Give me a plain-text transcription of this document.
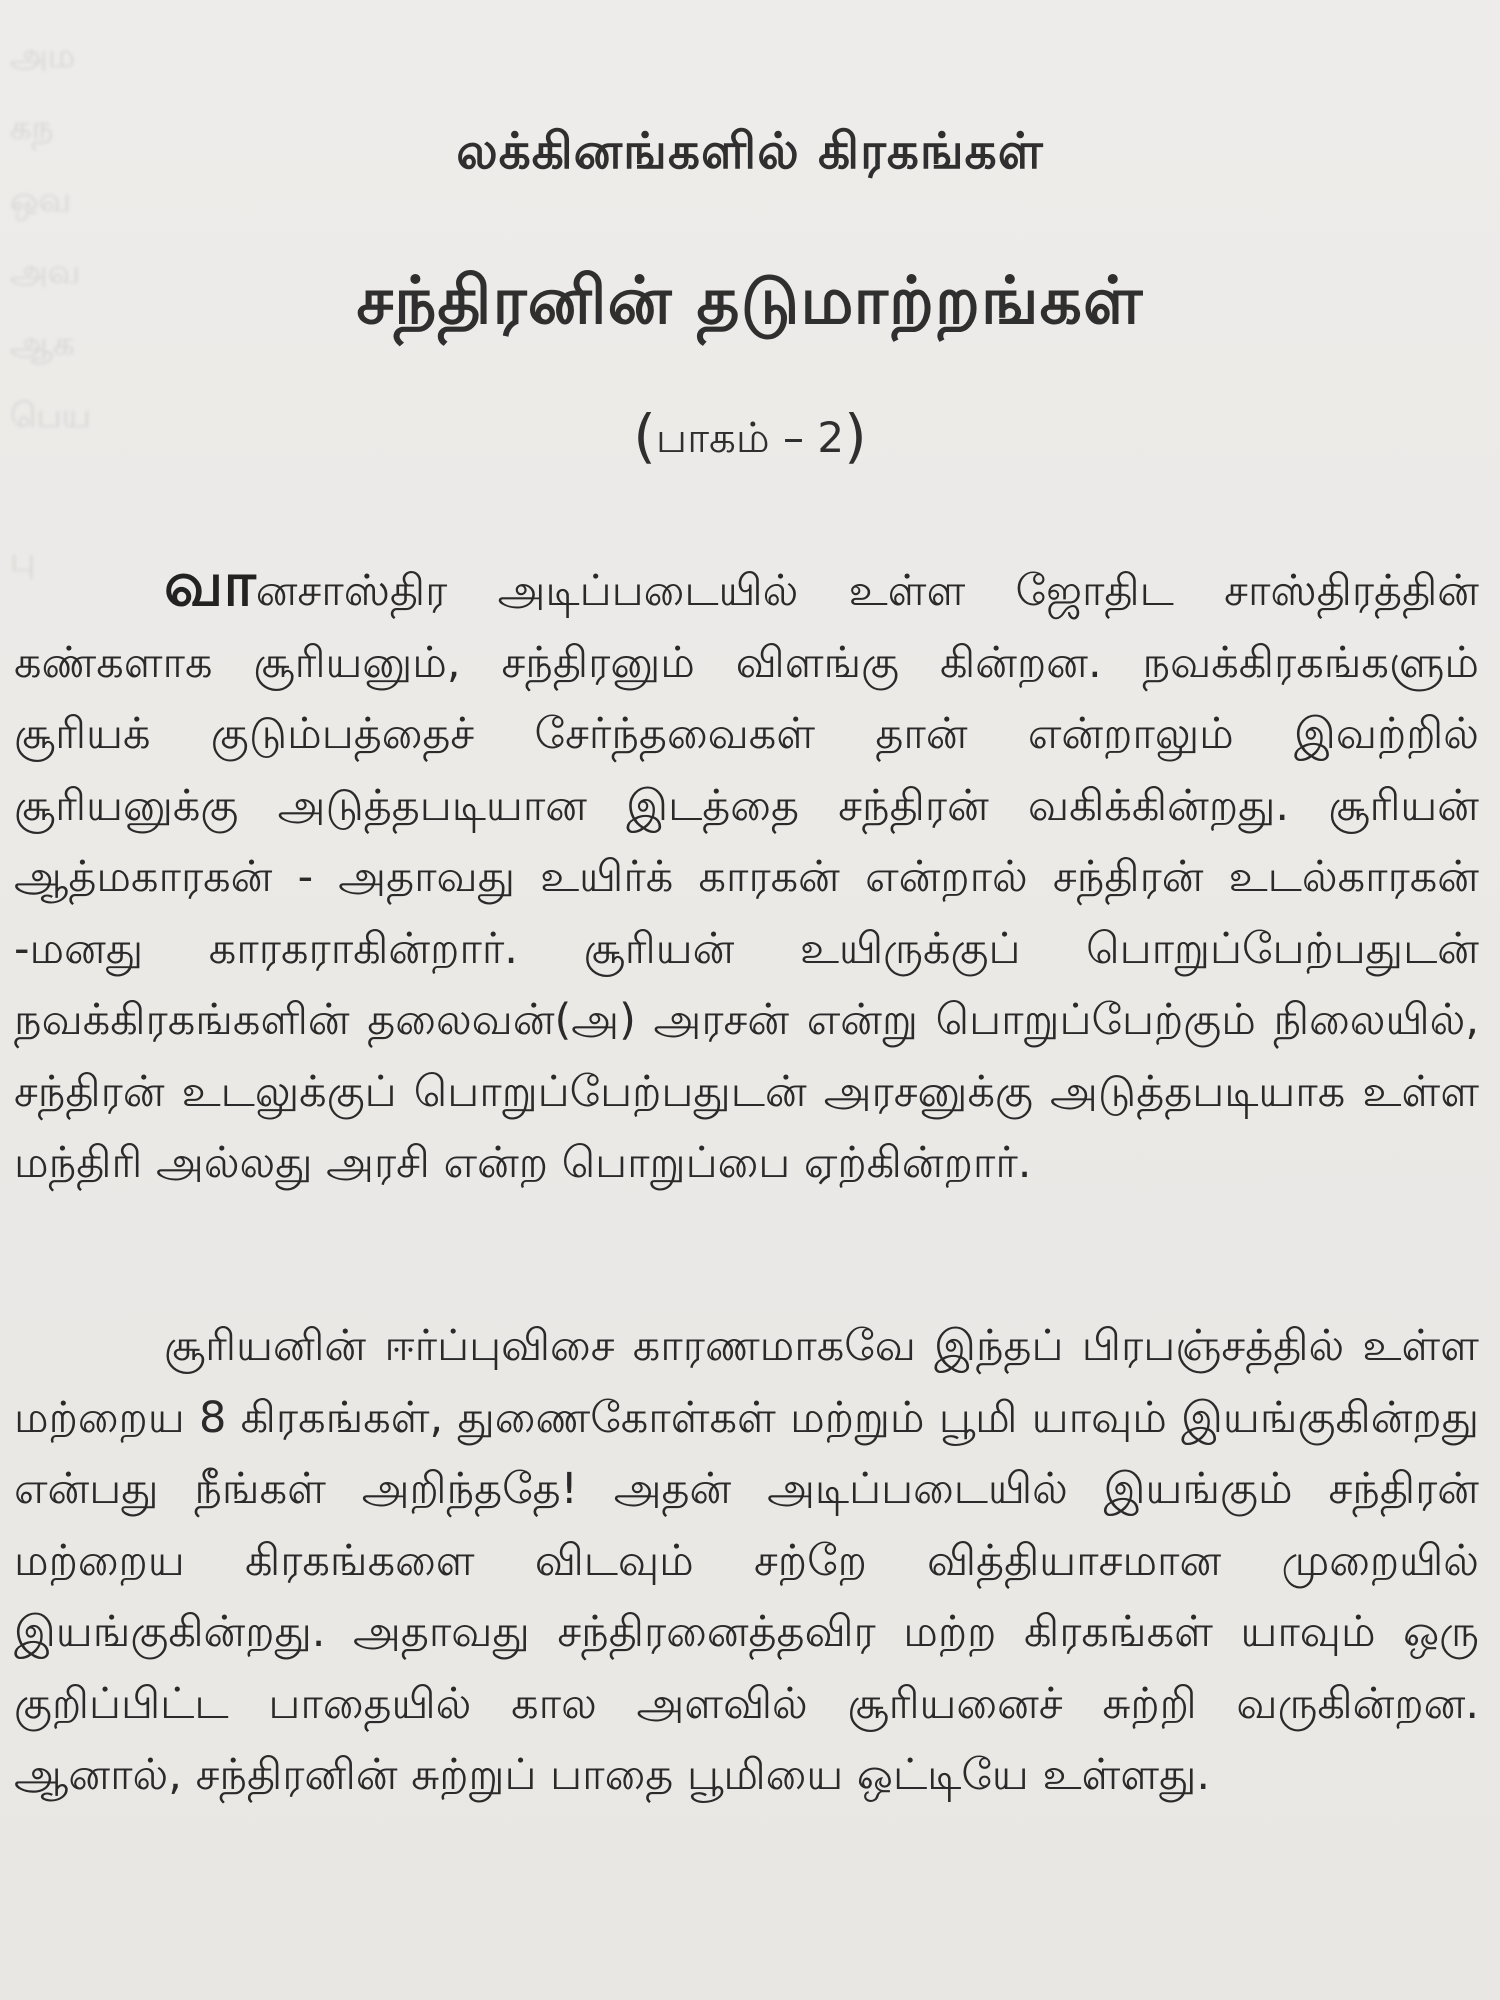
அம
கந
ஒவ
அவ
ஆக
பெய
பு
லக்கினங்களில் கிரகங்கள்
சந்திரனின் தடுமாற்றங்கள்
(பாகம் – 2)
வானசாஸ்திர அடிப்படையில் உள்ள ஜோதிட சாஸ்திரத்தின் கண்களாக சூரியனும், சந்திரனும் விளங்கு கின்றன. நவக்கிரகங்களும் சூரியக் குடும்பத்தைச் சேர்ந்தவைகள் தான் என்றாலும் இவற்றில் சூரியனுக்கு அடுத்தபடியான இடத்தை சந்திரன் வகிக்கின்றது. சூரியன் ஆத்மகாரகன் - அதாவது உயிர்க் காரகன் என்றால் சந்திரன் உடல்காரகன் -மனது காரகராகின்றார். சூரியன் உயிருக்குப் பொறுப்பேற்பதுடன் நவக்கிரகங்களின் தலைவன்(அ) அரசன் என்று பொறுப்பேற்கும் நிலையில், சந்திரன் உடலுக்குப் பொறுப்பேற்பதுடன் அரசனுக்கு அடுத்தபடியாக உள்ள மந்திரி அல்லது அரசி என்ற பொறுப்பை ஏற்கின்றார்.
சூரியனின் ஈர்ப்புவிசை காரணமாகவே இந்தப் பிரபஞ்சத்தில் உள்ள மற்றைய 8 கிரகங்கள், துணைகோள்கள் மற்றும் பூமி யாவும் இயங்குகின்றது என்பது நீங்கள் அறிந்ததே! அதன் அடிப்படையில் இயங்கும் சந்திரன் மற்றைய கிரகங்களை விடவும் சற்றே வித்தியாசமான முறையில் இயங்குகின்றது. அதாவது சந்திரனைத்தவிர மற்ற கிரகங்கள் யாவும் ஒரு குறிப்பிட்ட பாதையில் கால அளவில் சூரியனைச் சுற்றி வருகின்றன. ஆனால், சந்திரனின் சுற்றுப் பாதை பூமியை ஒட்டியே உள்ளது.
